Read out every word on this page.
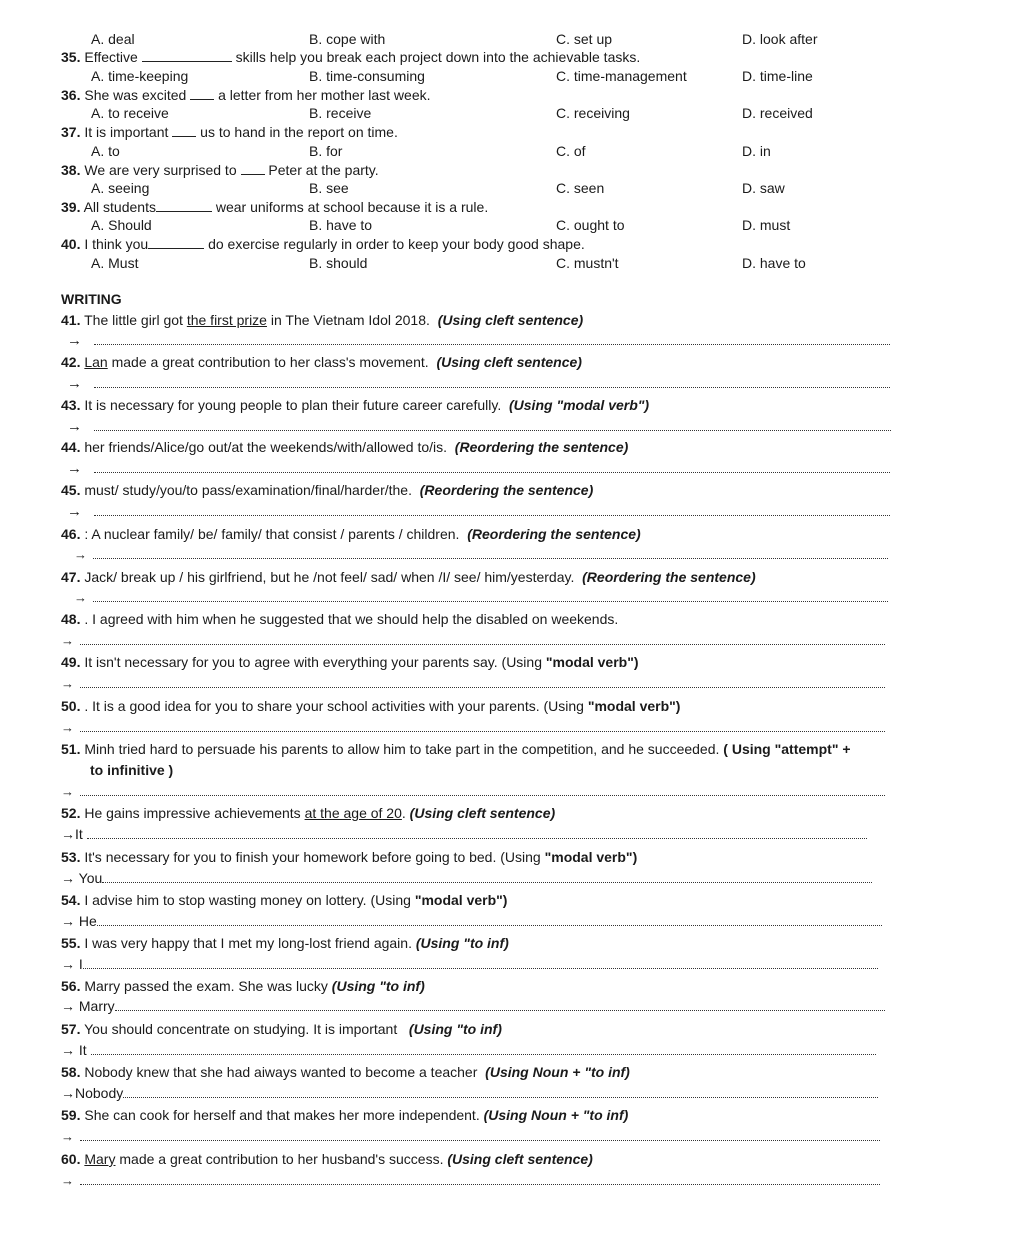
A. deal	B. cope with	C. set up	D. look after
35. Effective	skills help you break each project down into the achievable tasks.
A. time-keeping	B. time-consuming	C. time-management	D. time-line
36. She was excited a letter from her mother last week.
A. to receive	B. receive	C. receiving	D. received
37. It is important us to hand in the report on time.
A. to	B. for	C. of	D. in
38. We are very surprised to Peter at the party.
A. seeing	B. see	C. seen	D. saw
39. All students	wear uniforms at school because it is a rule.
A. Should	B. have to	C. ought to	D. must
40. I think you	do exercise regularly in order to keep your body good shape.
A. Must	B. should	C. mustn't	D. have to
WRITING
41. The little girl got the first prize in The Vietnam Idol 2018. (Using cleft sentence)
→
42. Lan made a great contribution to her class's movement. (Using cleft sentence)
→
43. It is necessary for young people to plan their future career carefully. (Using "modal verb")
→
44. her friends/Alice/go out/at the weekends/with/allowed to/is. (Reordering the sentence)
→
45. must/ study/you/to pass/examination/final/harder/the. (Reordering the sentence)
→
46. : A nuclear family/ be/ family/ that consist / parents / children. (Reordering the sentence)
→
47. Jack/ break up / his girlfriend, but he /not feel/ sad/ when /I/ see/ him/yesterday. (Reordering the sentence)
→
48. . I agreed with him when he suggested that we should help the disabled on weekends.
→
49. It isn't necessary for you to agree with everything your parents say. (Using "modal verb")
→
50. . It is a good idea for you to share your school activities with your parents. (Using "modal verb")
→
51. Minh tried hard to persuade his parents to allow him to take part in the competition, and he succeeded. ( Using "attempt" +
to infinitive )
→
52. He gains impressive achievements at the age of 20. (Using cleft sentence)
→It
53. It's necessary for you to finish your homework before going to bed. (Using "modal verb")
→ You
54. I advise him to stop wasting money on lottery. (Using "modal verb")
→ He
55. I was very happy that I met my long-lost friend again. (Using "to inf)
→ I
56. Marry passed the exam. She was lucky (Using "to inf)
→ Marry
57. You should concentrate on studying. It is important (Using "to inf)
→ It
58. Nobody knew that she had aiways wanted to become a teacher (Using Noun + "to inf)
→Nobody
59. She can cook for herself and that makes her more independent. (Using Noun + "to inf)
→
60. Mary made a great contribution to her husband's success. (Using cleft sentence)
→
